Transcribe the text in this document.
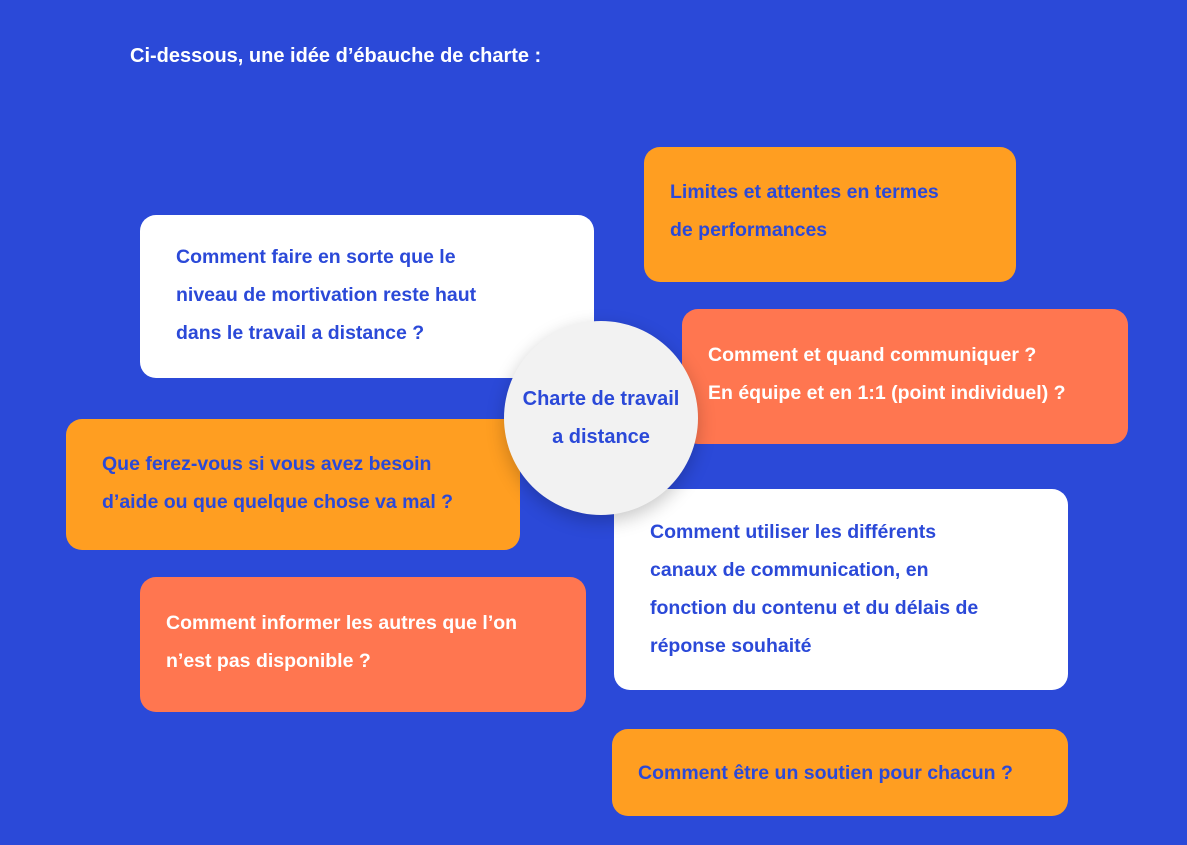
Ci-dessous, une idée d’ébauche de charte :
Comment faire en sorte que le
niveau de mortivation reste haut
dans le travail a distance ?
Limites et attentes en termes
de performances
Comment et quand communiquer ?
En équipe et en 1:1 (point individuel) ?
Que ferez-vous si vous avez besoin
d’aide ou que quelque chose va mal ?
Comment utiliser les différents
canaux de communication, en
fonction du contenu et du délais de
réponse souhaité
Comment informer les autres que l’on
n’est pas disponible ?
Comment être un soutien pour chacun ?
Charte de travail
a distance
